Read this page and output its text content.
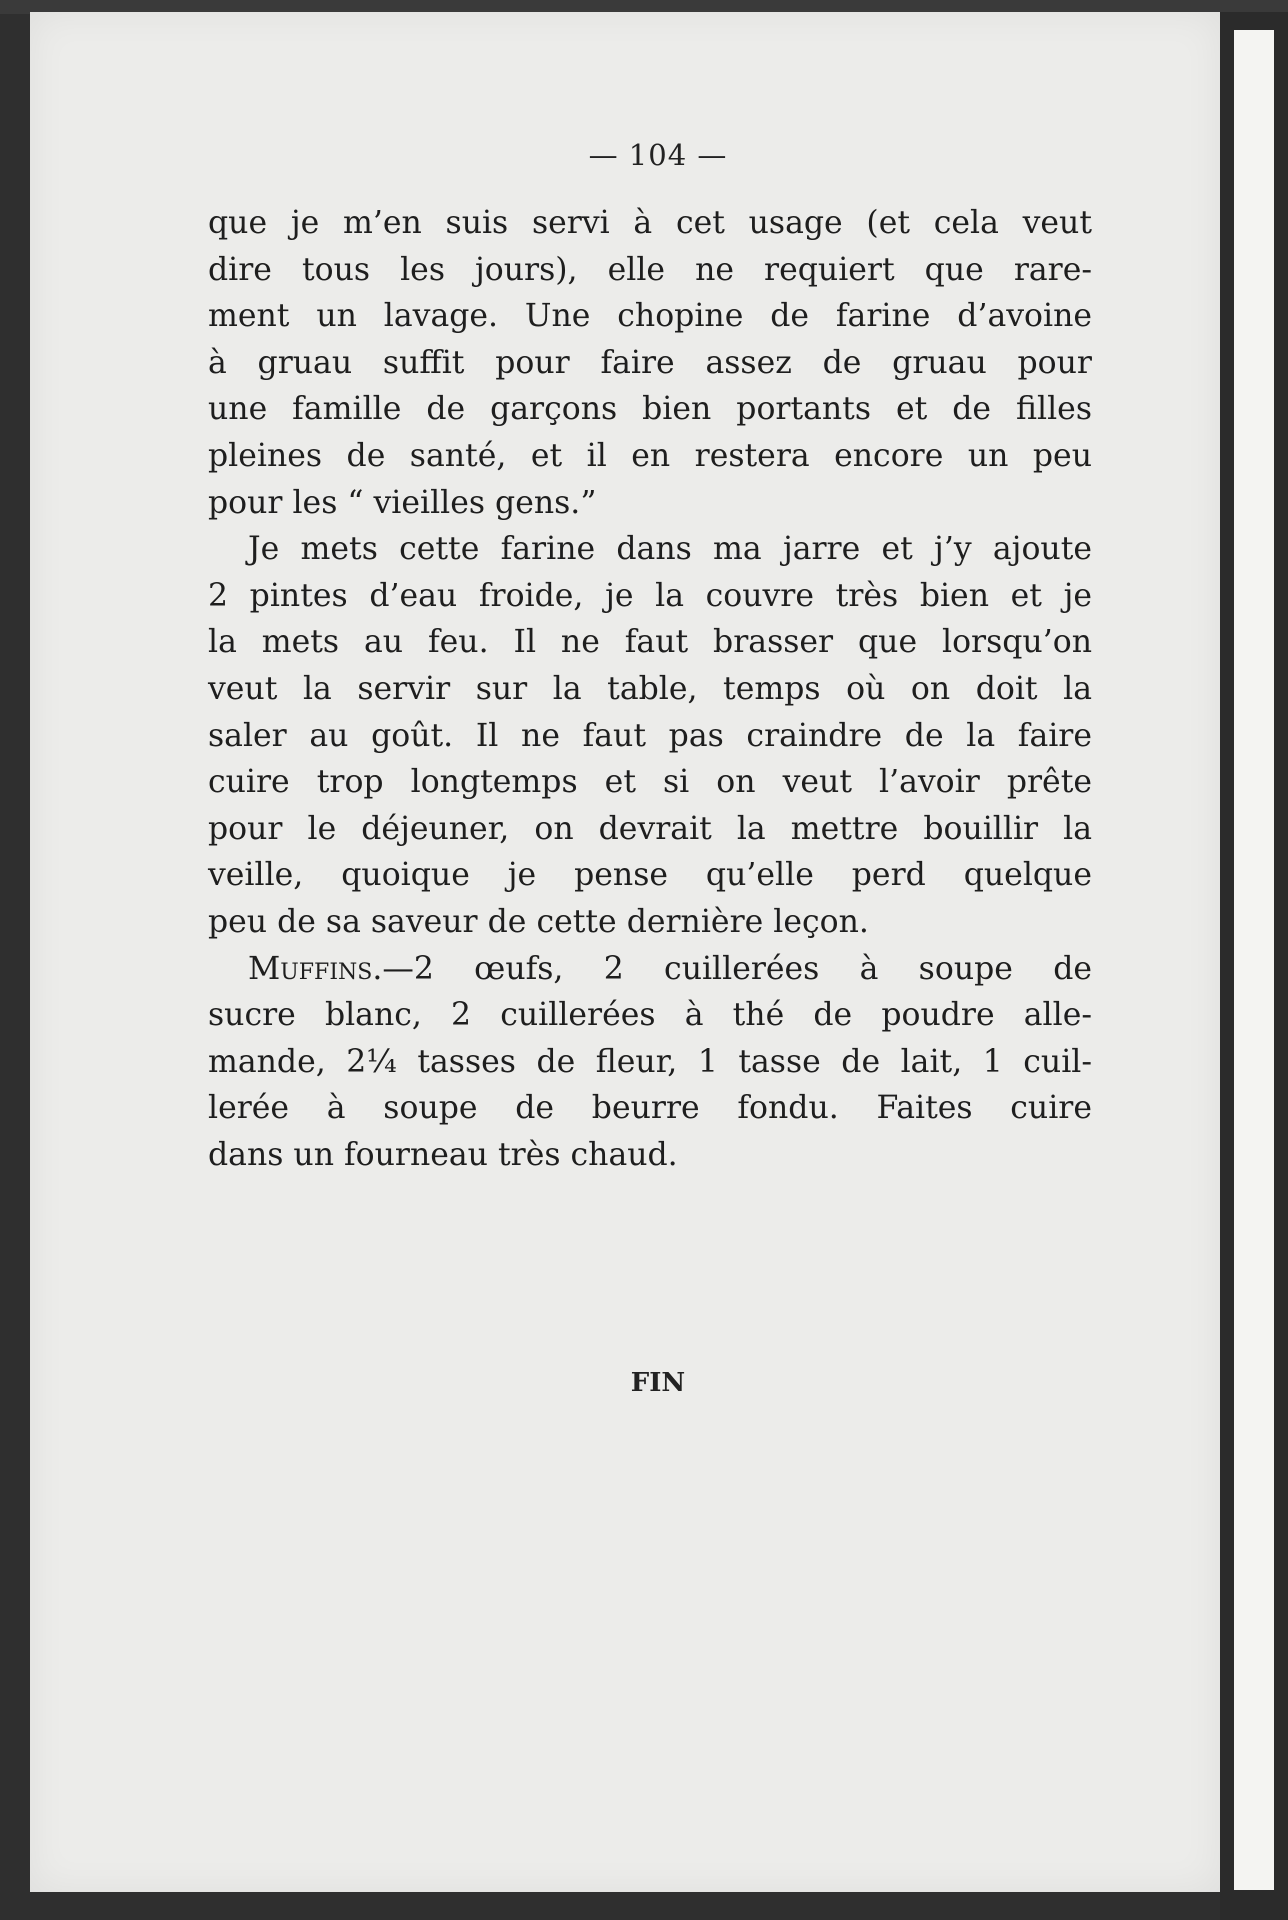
— 104 —
que je m’en suis servi à cet usage (et cela veut
dire tous les jours), elle ne requiert que rare-
ment un lavage. Une chopine de farine d’avoine
à gruau suffit pour faire assez de gruau pour
une famille de garçons bien portants et de filles
pleines de santé, et il en restera encore un peu
pour les “ vieilles gens.”
Je mets cette farine dans ma jarre et j’y ajoute
2 pintes d’eau froide, je la couvre très bien et je
la mets au feu. Il ne faut brasser que lorsqu’on
veut la servir sur la table, temps où on doit la
saler au goût. Il ne faut pas craindre de la faire
cuire trop longtemps et si on veut l’avoir prête
pour le déjeuner, on devrait la mettre bouillir la
veille, quoique je pense qu’elle perd quelque
peu de sa saveur de cette dernière leçon.
Muffins.—2 œufs, 2 cuillerées à soupe de
sucre blanc, 2 cuillerées à thé de poudre alle-
mande, 2¼ tasses de fleur, 1 tasse de lait, 1 cuil-
lerée à soupe de beurre fondu. Faites cuire
dans un fourneau très chaud.
FIN
